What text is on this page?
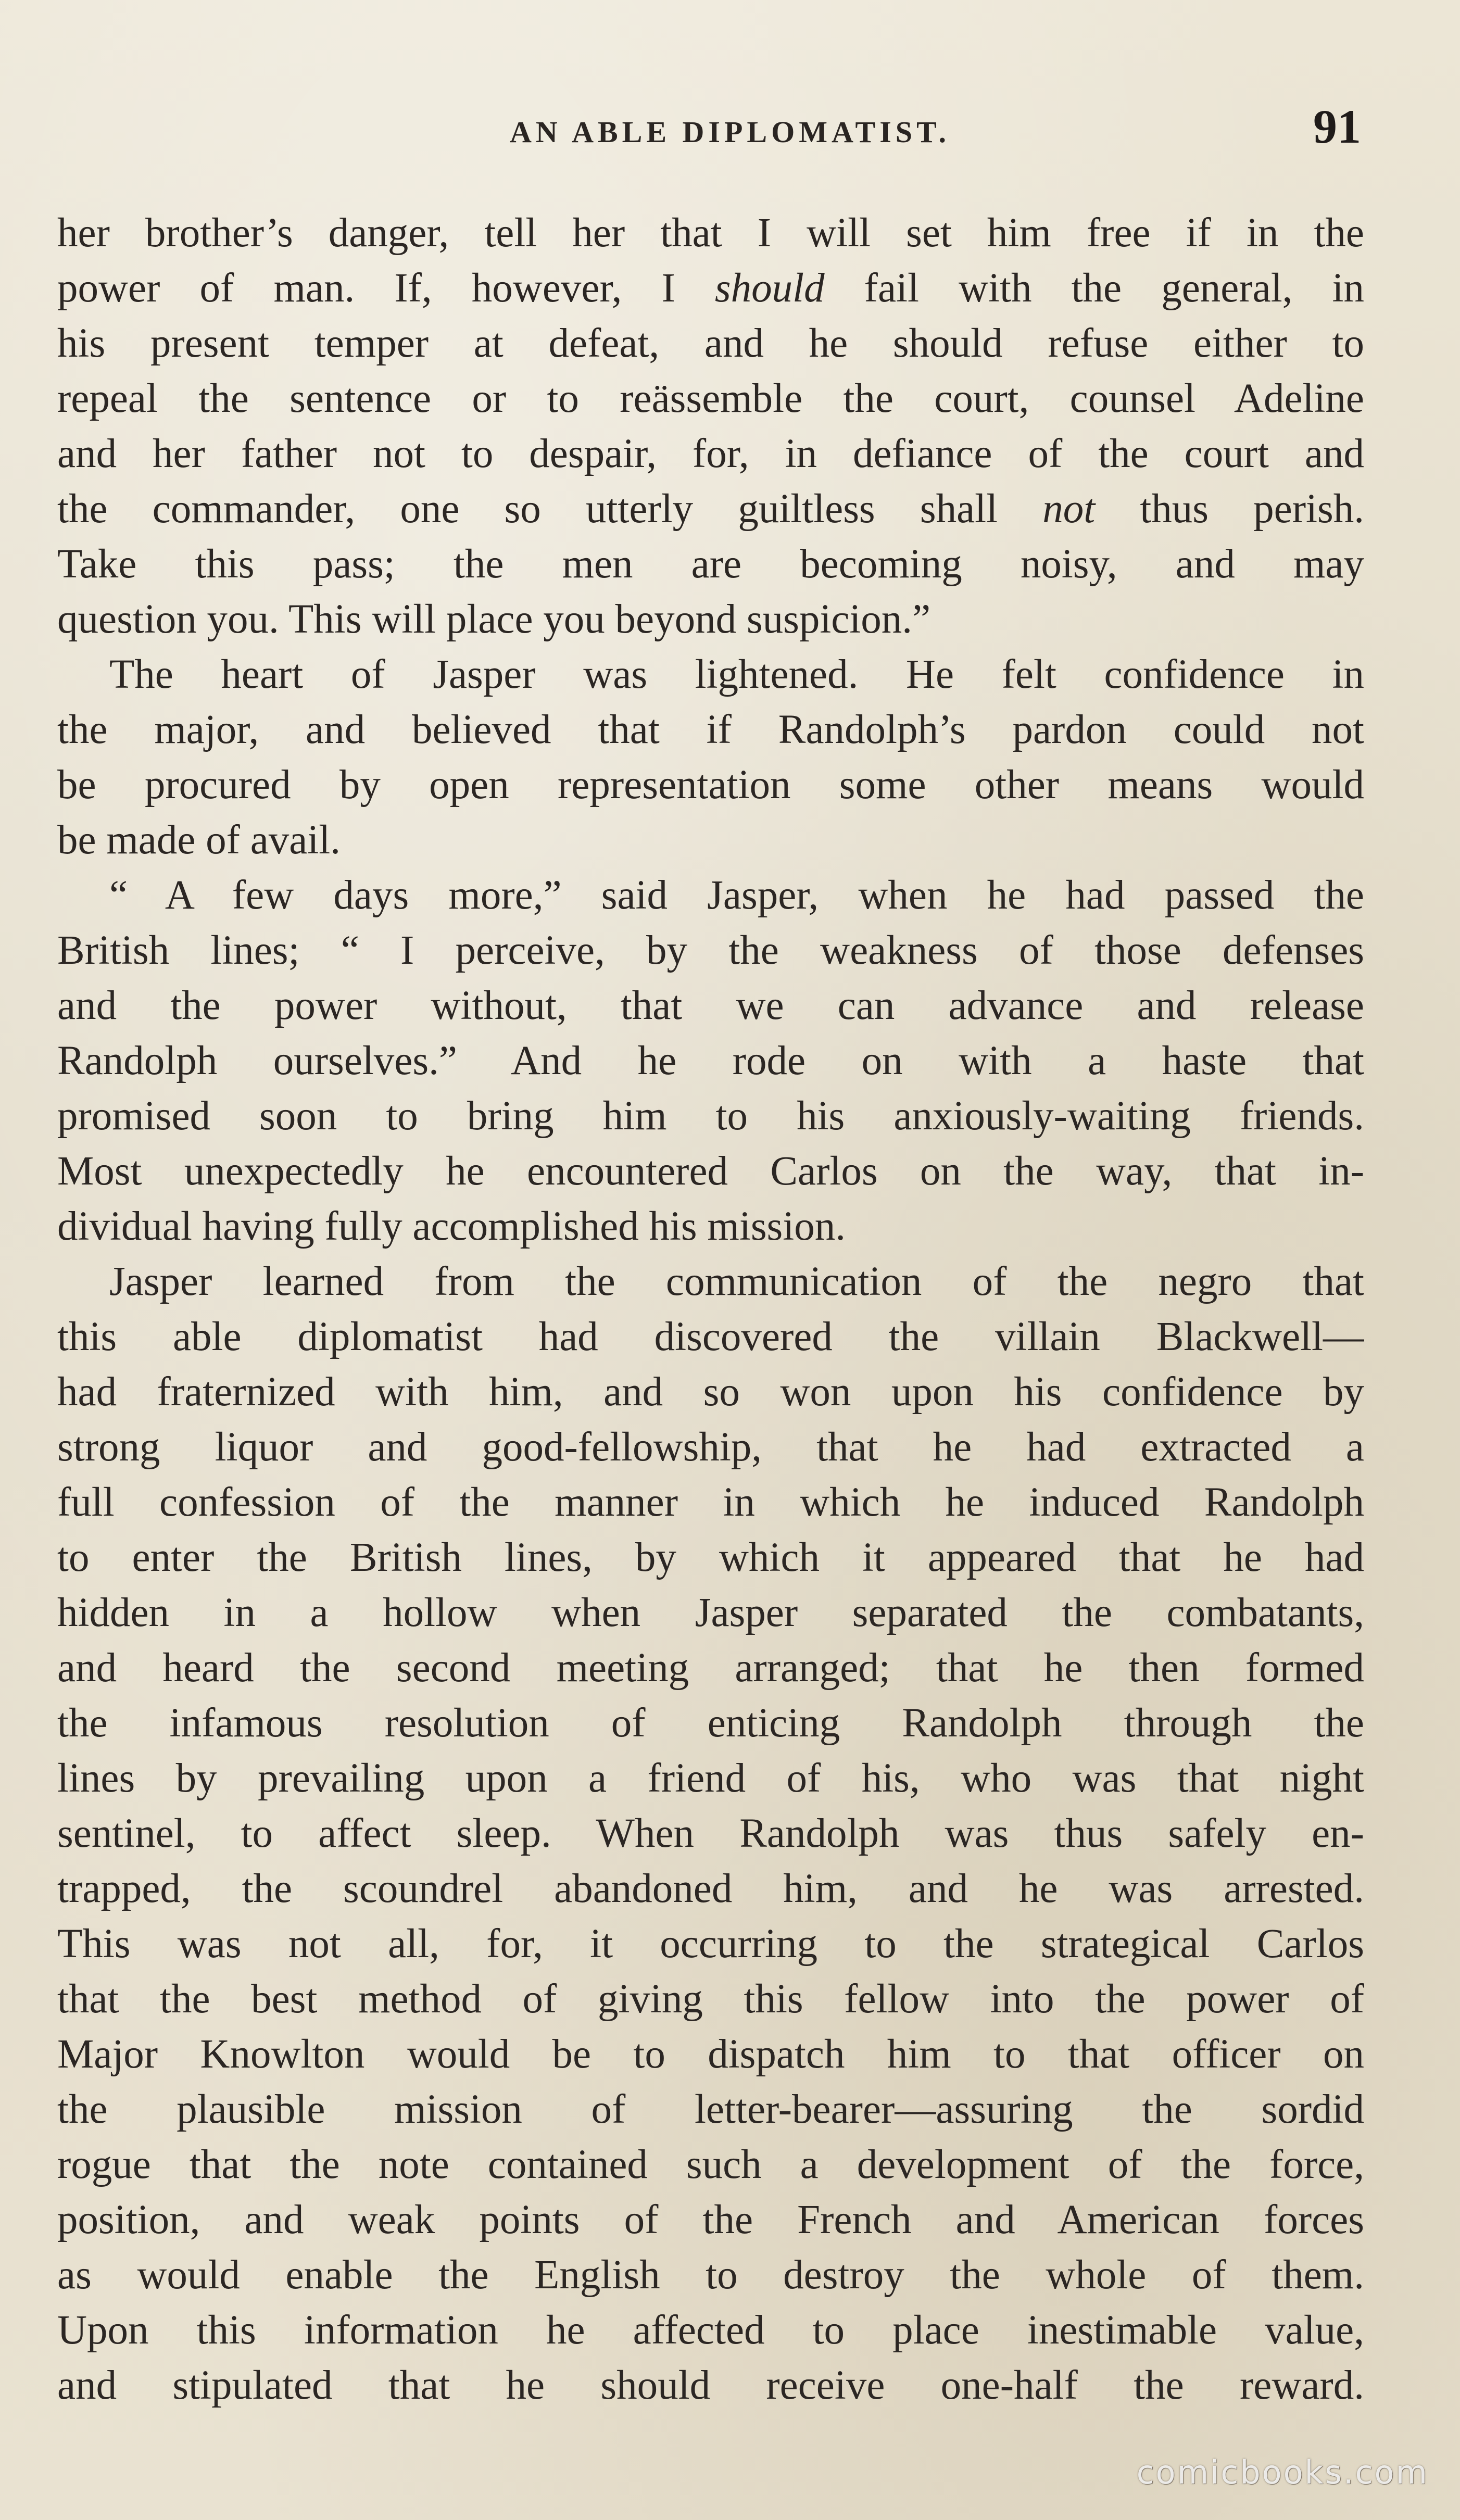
AN ABLE DIPLOMATIST.	91
her brother’s danger, tell her that I will set him free if in the
power of man. If, however, I should fail with the general, in
his present temper at defeat, and he should refuse either to
repeal the sentence or to reässemble the court, counsel Adeline
and her father not to despair, for, in defiance of the court and
the commander, one so utterly guiltless shall not thus perish.
Take this pass; the men are becoming noisy, and may
question you. This will place you beyond suspicion.”
The heart of Jasper was lightened. He felt confidence in
the major, and believed that if Randolph’s pardon could not
be procured by open representation some other means would
be made of avail.
“ A few days more,” said Jasper, when he had passed the
British lines; “ I perceive, by the weakness of those defenses
and the power without, that we can advance and release
Randolph ourselves.” And he rode on with a haste that
promised soon to bring him to his anxiously-waiting friends.
Most unexpectedly he encountered Carlos on the way, that in-
dividual having fully accomplished his mission.
Jasper learned from the communication of the negro that
this able diplomatist had discovered the villain Blackwell—
had fraternized with him, and so won upon his confidence by
strong liquor and good-fellowship, that he had extracted a
full confession of the manner in which he induced Randolph
to enter the British lines, by which it appeared that he had
hidden in a hollow when Jasper separated the combatants,
and heard the second meeting arranged; that he then formed
the infamous resolution of enticing Randolph through the
lines by prevailing upon a friend of his, who was that night
sentinel, to affect sleep. When Randolph was thus safely en-
trapped, the scoundrel abandoned him, and he was arrested.
This was not all, for, it occurring to the strategical Carlos
that the best method of giving this fellow into the power of
Major Knowlton would be to dispatch him to that officer on
the plausible mission of letter-bearer—assuring the sordid
rogue that the note contained such a development of the force,
position, and weak points of the French and American forces
as would enable the English to destroy the whole of them.
Upon this information he affected to place inestimable value,
and stipulated that he should receive one-half the reward.
comicbooks.com
